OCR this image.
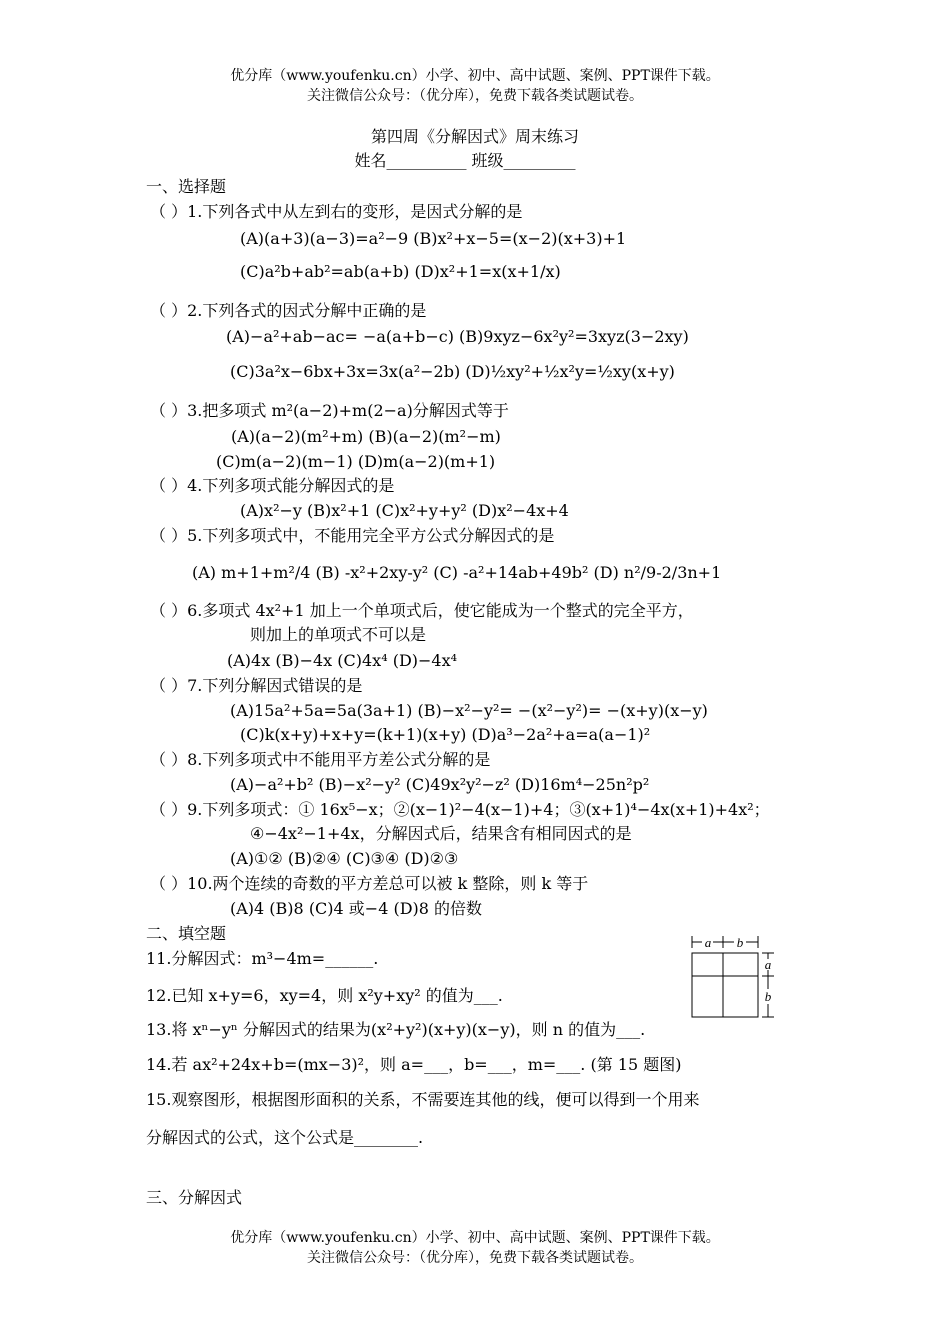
优分库（www.youfenku.cn）小学、初中、高中试题、案例、PPT课件下载。
关注微信公众号：（优分库），免费下载各类试题试卷。
第四周《分解因式》周末练习
姓名__________ 班级_________
一、选择题
（ ）1.下列各式中从左到右的变形，是因式分解的是
(A)(a+3)(a−3)=a²−9 (B)x²+x−5=(x−2)(x+3)+1
(C)a²b+ab²=ab(a+b) (D)x²+1=x(x+1/x)
（ ）2.下列各式的因式分解中正确的是
(A)−a²+ab−ac= −a(a+b−c) (B)9xyz−6x²y²=3xyz(3−2xy)
(C)3a²x−6bx+3x=3x(a²−2b) (D)½xy²+½x²y=½xy(x+y)
（ ）3.把多项式 m²(a−2)+m(2−a)分解因式等于
(A)(a−2)(m²+m) (B)(a−2)(m²−m)
(C)m(a−2)(m−1) (D)m(a−2)(m+1)
（ ）4.下列多项式能分解因式的是
(A)x²−y (B)x²+1 (C)x²+y+y² (D)x²−4x+4
（ ）5.下列多项式中，不能用完全平方公式分解因式的是
(A) m+1+m²/4 (B) -x²+2xy-y² (C) -a²+14ab+49b² (D) n²/9-2/3n+1
（ ）6.多项式 4x²+1 加上一个单项式后，使它能成为一个整式的完全平方，
则加上的单项式不可以是
(A)4x (B)−4x (C)4x⁴ (D)−4x⁴
（ ）7.下列分解因式错误的是
(A)15a²+5a=5a(3a+1) (B)−x²−y²= −(x²−y²)= −(x+y)(x−y)
(C)k(x+y)+x+y=(k+1)(x+y) (D)a³−2a²+a=a(a−1)²
（ ）8.下列多项式中不能用平方差公式分解的是
(A)−a²+b² (B)−x²−y² (C)49x²y²−z² (D)16m⁴−25n²p²
（ ）9.下列多项式：① 16x⁵−x；②(x−1)²−4(x−1)+4；③(x+1)⁴−4x(x+1)+4x²；
④−4x²−1+4x，分解因式后，结果含有相同因式的是
(A)①② (B)②④ (C)③④ (D)②③
（ ）10.两个连续的奇数的平方差总可以被 k 整除，则 k 等于
(A)4 (B)8 (C)4 或−4 (D)8 的倍数
二、填空题
11.分解因式：m³−4m=______.
12.已知 x+y=6，xy=4，则 x²y+xy² 的值为___.
13.将 xⁿ−yⁿ 分解因式的结果为(x²+y²)(x+y)(x−y)，则 n 的值为___.
14.若 ax²+24x+b=(mx−3)²，则 a=___，b=___，m=___. (第 15 题图)
15.观察图形，根据图形面积的关系，不需要连其他的线，便可以得到一个用来
分解因式的公式，这个公式是________.
三、分解因式
a b
a
b
优分库（www.youfenku.cn）小学、初中、高中试题、案例、PPT课件下载。
关注微信公众号：（优分库），免费下载各类试题试卷。
